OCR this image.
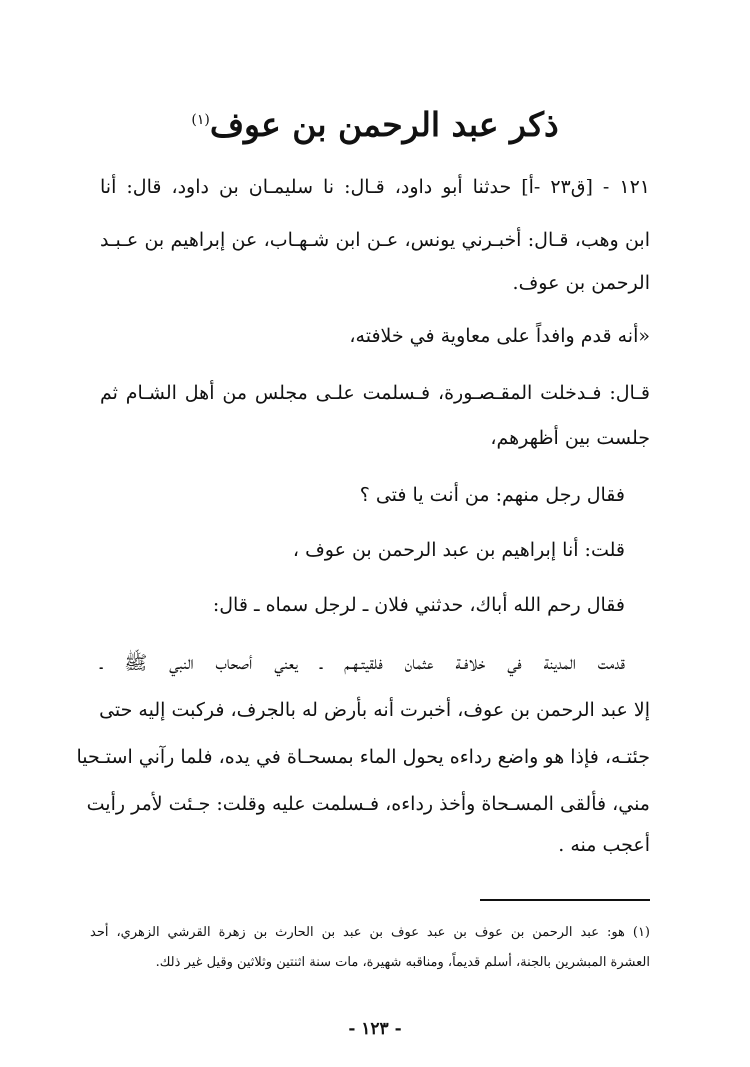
ذكر عبد الرحمن بن عوف$^{(١)}$
١٢١ - [ق٢٣ -أ] حدثنا أبو داود، قـال: نا سليمـان بن داود، قال: أنا
ابن وهب، قـال: أخبـرني يونس، عـن ابن شـهـاب، عن إبراهيم بن عـبـد
الرحمن بن عوف.
«أنه قدم وافداً على معاوية في خلافته،
قـال: فـدخلت المقـصـورة، فـسلمت علـى مجلس من أهل الشـام ثم
جلست بين أظهرهم،
فقال رجل منهم: من أنت يا فتى ؟
قلت: أنا إبراهيم بن عبد الرحمن بن عوف ،
فقال رحم الله أباك، حدثني فلان ـ لرجل سماه ـ قال:
قدمت المدينة في خلافـة عثمان فلقيتـهـم ـ يعني أصحاب النبي ﷺ ـ
إلا عبد الرحمن بن عوف، أخبرت أنه بأرض له بالجرف، فركبت إليه حتى
جئتـه، فإذا هو واضع رداءه يحول الماء بمسحـاة في يده، فلما رآني استـحيا
مني، فألقى المسـحاة وأخذ رداءه، فـسلمت عليه وقلت: جـئت لأمر رأيت
أعجب منه .
(١) هو: عبد الرحمن بن عوف بن عبد عوف بن عبد بن الحارث بن زهرة القرشي الزهري، أحد
العشرة المبشرين بالجنة، أسلم قديماً، ومناقبه شهيرة، مات سنة اثنتين وثلاثين وقيل غير ذلك.
- ١٢٣ -
